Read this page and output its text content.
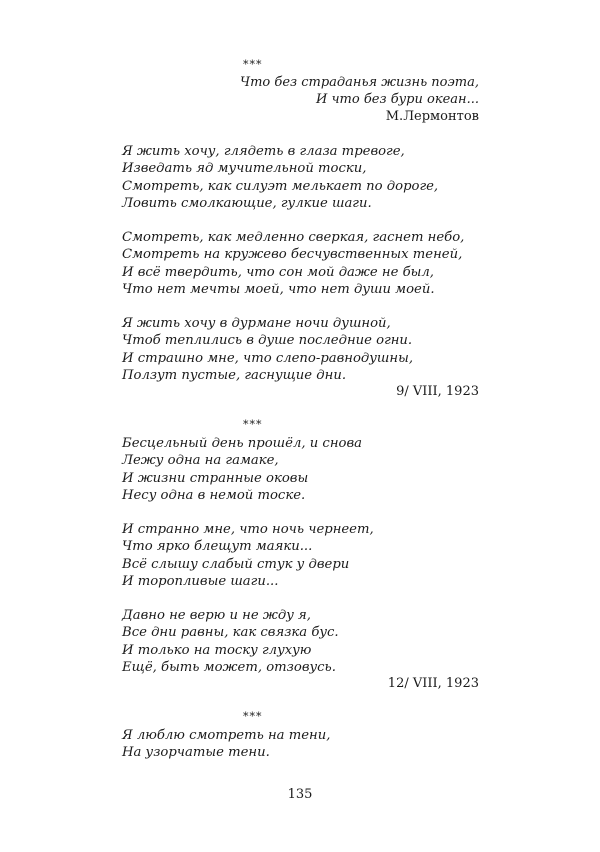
***
Что без страданья жизнь поэта,
И что без бури океан...
М.Лермонтов
Я жить хочу, глядеть в глаза тревоге,
Изведать яд мучительной тоски,
Смотреть, как силуэт мелькает по дороге,
Ловить смолкающие, гулкие шаги.
Смотреть, как медленно сверкая, гаснет небо,
Смотреть на кружево бесчувственных теней,
И всё твердить, что сон мой даже не был,
Что нет мечты моей, что нет души моей.
Я жить хочу в дурмане ночи душной,
Чтоб теплились в душе последние огни.
И страшно мне, что слепо-равнодушны,
Ползут пустые, гаснущие дни.
9/ VIII, 1923
***
Бесцельный день прошёл, и снова
Лежу одна на гамаке,
И жизни странные оковы
Несу одна в немой тоске.
И странно мне, что ночь чернеет,
Что ярко блещут маяки...
Всё слышу слабый стук у двери
И торопливые шаги...
Давно не верю и не жду я,
Все дни равны, как связка бус.
И только на тоску глухую
Ещё, быть может, отзовусь.
12/ VIII, 1923
***
Я люблю смотреть на тени,
На узорчатые тени.
135
